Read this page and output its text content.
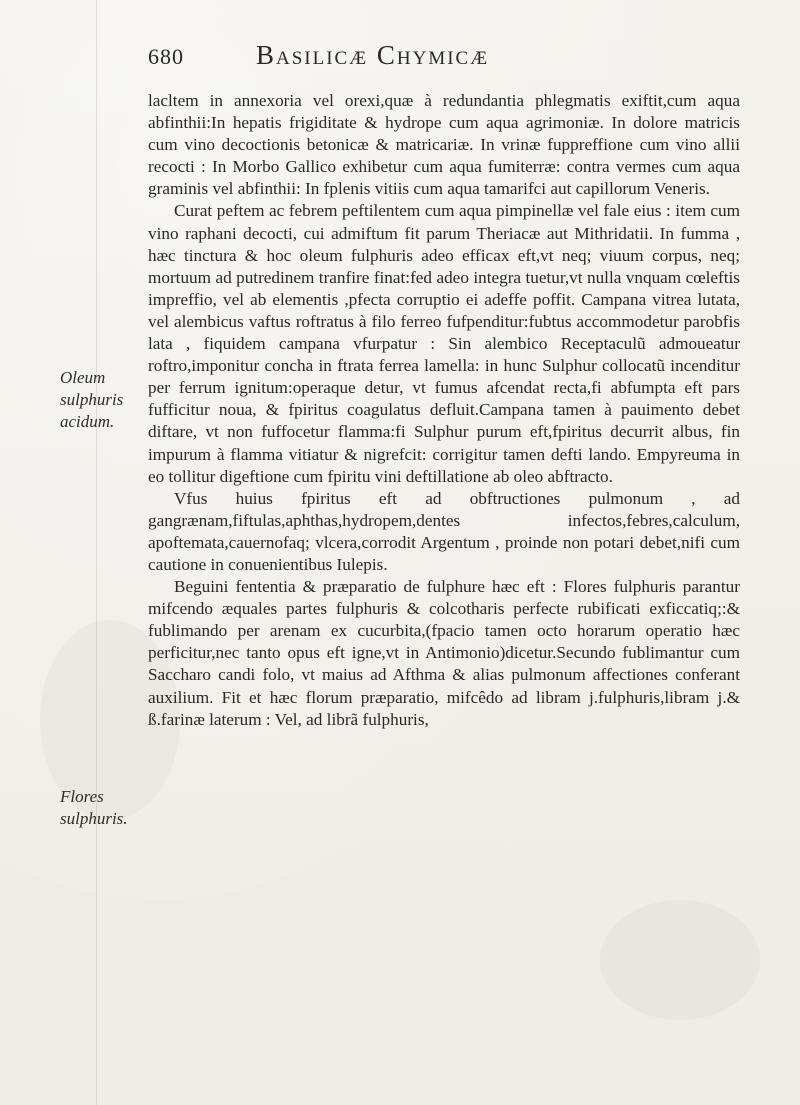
680	Basilicæ Chymicæ
Oleum sulphuris acidum.
Flores sulphuris.

lacltem in annexoria vel orexi,quæ à redundantia phlegmatis exiftit,cum aqua abfinthii:In hepatis frigiditate & hydrope cum aqua agrimoniæ. In dolore matricis cum vino decoctionis betonicæ & matricariæ. In vrinæ fuppreffione cum vino allii recocti : In Morbo Gallico exhibetur cum aqua fumiterræ: contra vermes cum aqua graminis vel abfinthii: In fplenis vitiis cum aqua tamarifci aut capillorum Veneris.

Curat peftem ac febrem peftilentem cum aqua pimpinellæ vel fale eius : item cum vino raphani decocti, cui admiftum fit parum Theriacæ aut Mithridatii. In fumma , hæc tinctura & hoc oleum fulphuris adeo efficax eft,vt neq; viuum corpus, neq; mortuum ad putredinem tranfire finat:fed adeo integra tuetur,vt nulla vnquam cœleftis impreffio, vel ab elementis ,pfecta corruptio ei adeffe poffit. Campana vitrea lutata, vel alembicus vaftus roftratus à filo ferreo fufpenditur:fubtus accommodetur parobfis lata , fiquidem campana vfurpatur : Sin alembico Receptaculũ admoueatur roftro,imponitur concha in ftrata ferrea lamella: in hunc Sulphur collocatũ incenditur per ferrum ignitum:operaque detur, vt fumus afcendat recta,fi abfumpta eft pars fufficitur noua, & fpiritus coagulatus defluit.Campana tamen à pauimento debet diftare, vt non fuffocetur flamma:fi Sulphur purum eft,fpiritus decurrit albus, fin impurum à flamma vitiatur & nigrefcit: corrigitur tamen defti lando. Empyreuma in eo tollitur digeftione cum fpiritu vini deftillatione ab oleo abftracto.

Vfus huius fpiritus eft ad obftructiones pulmonum , ad gangrænam,fiftulas,aphthas,hydropem,dentes infectos,febres,calculum, apoftemata,cauernofaq; vlcera,corrodit Argentum , proinde non potari debet,nifi cum cautione in conuenientibus Iulepis.

Beguini fententia & præparatio de fulphure hæc eft : Flores fulphuris parantur mifcendo æquales partes fulphuris & colcotharis perfecte rubificati exficcatiq;:& fublimando per arenam ex cucurbita,(fpacio tamen octo horarum operatio hæc perficitur,nec tanto opus eft igne,vt in Antimonio)dicetur.Secundo fublimantur cum Saccharo candi folo, vt maius ad Afthma & alias pulmonum affectiones conferant auxilium. Fit et hæc florum præparatio, mifcêdo ad libram j.fulphuris,libram j.& ß.farinæ laterum : Vel, ad librã fulphuris,
